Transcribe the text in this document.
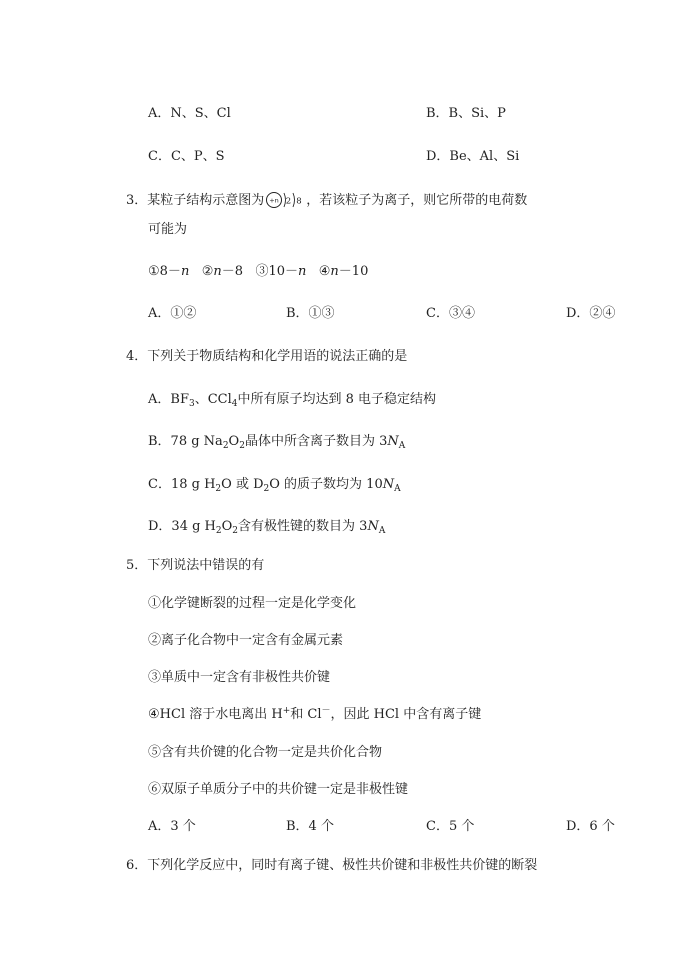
A．N、S、Cl	B．B、Si、P
C．C、P、S	D．Be、Al、Si
3．某粒子结构示意图为 +n 2 8 ，若该粒子为离子，则它所带的电荷数
可能为
①8－n ②n－8 ③10－n ④n－10
A．①②	B．①③	C．③④	D．②④
4．下列关于物质结构和化学用语的说法正确的是
A．$BF_3$、CCl$_4$中所有原子均达到 8 电子稳定结构
B．78 g $Na_2O_2$晶体中所含离子数目为 $3N_A$
C．18 g $H_2O$ 或 $D_2O$ 的质子数均为 $10N_A$
D．34 g $H_2O_2$含有极性键的数目为 $3N_A$
5．下列说法中错误的有
①化学键断裂的过程一定是化学变化
②离子化合物中一定含有金属元素
③单质中一定含有非极性共价键
④HCl 溶于水电离出 H+和 Cl－，因此 HCl 中含有离子键
⑤含有共价键的化合物一定是共价化合物
⑥双原子单质分子中的共价键一定是非极性键
A．3 个	B．4 个	C．5 个	D．6 个
6．下列化学反应中，同时有离子键、极性共价键和非极性共价键的断裂
